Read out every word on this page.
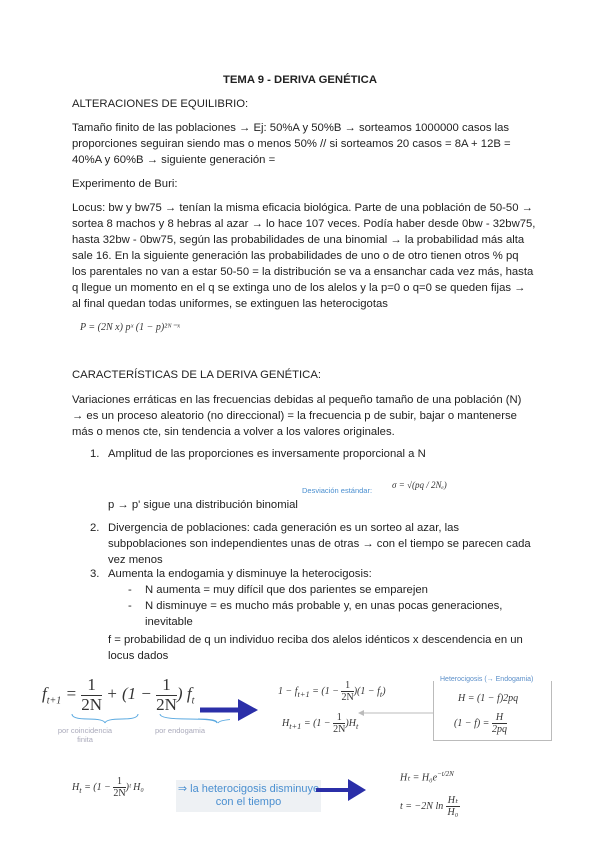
TEMA 9 - DERIVA GENÉTICA
ALTERACIONES DE EQUILIBRIO:
Tamaño finito de las poblaciones → Ej: 50%A y 50%B → sorteamos 1000000 casos las
proporciones seguiran siendo mas o menos 50% // si sorteamos 20 casos = 8A + 12B =
40%A y 60%B → siguiente generación =
Experimento de Buri:
Locus: bw y bw75 → tenían la misma eficacia biológica. Parte de una población de 50-50 →
sortea 8 machos y 8 hebras al azar → lo hace 107 veces. Podía haber desde 0bw - 32bw75,
hasta 32bw - 0bw75, según las probabilidades de una binomial → la probabilidad más alta
sale 16. En la siguiente generación las probabilidades de uno o de otro tienen otros % pq
los parentales no van a estar 50-50 = la distribución se va a ensanchar cada vez más, hasta
q llegue un momento en el q se extinga uno de los alelos y la p=0 o q=0 se queden fijas →
al final quedan todas uniformes, se extinguen las heterocigotas
P = (2N x) pˣ (1 − p)²ᴺ⁻ˣ
CARACTERÍSTICAS DE LA DERIVA GENÉTICA:
Variaciones erráticas en las frecuencias debidas al pequeño tamaño de una población (N)
→ es un proceso aleatorio (no direccional) = la frecuencia p de subir, bajar o mantenerse
más o menos cte, sin tendencia a volver a los valores originales.
1. Amplitud de las proporciones es inversamente proporcional a N
Desviación estándar:
σ = √(pq / 2Nₑ)
p → p' sigue una distribución binomial
2. Divergencia de poblaciones: cada generación es un sorteo al azar, las
subpoblaciones son independientes unas de otras → con el tiempo se parecen cada
vez menos
3. Aumenta la endogamia y disminuye la heterocigosis:
- N aumenta = muy difícil que dos parientes se emparejen
- N disminuye = es mucho más probable y, en unas pocas generaciones,
inevitable
f = probabilidad de q un individuo reciba dos alelos idénticos x descendencia en un
locus dados
$f_{t+1} = \frac{1}{2N} + (1 - \frac{1}{2N}$ ) $f_t$
por coincidencia
finita
por endogamia
$1 - f_{t+1} = (1 - \frac{1}{2N} )(1 - f_t)$
$H_{t+1} = (1 - \frac{1}{2N} )H_t$
Heterocigosis (→ Endogamia)
H = (1 − f)2pq
$(1 - f) = \frac{H}{2pq}$
$H_t = (1 - \frac{1}{2N}$ )ᵗ H₀	⇒ la heterocigosis disminuye
con el tiempo
$H_t = H_0e^{-t/2N}$
t = −2N $\ln \frac{\text{Hₜ}}{\text{H₀}}$
